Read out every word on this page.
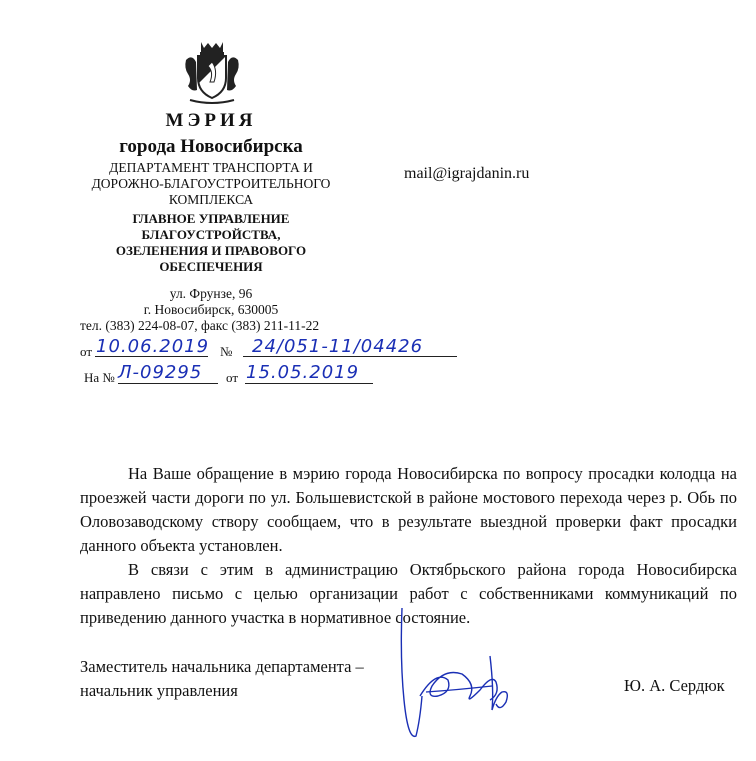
МЭРИЯ
города Новосибирска
ДЕПАРТАМЕНТ ТРАНСПОРТА И
ДОРОЖНО-БЛАГОУСТРОИТЕЛЬНОГО
КОМПЛЕКСА
ГЛАВНОЕ УПРАВЛЕНИЕ
БЛАГОУСТРОЙСТВА,
ОЗЕЛЕНЕНИЯ И ПРАВОВОГО
ОБЕСПЕЧЕНИЯ
ул. Фрунзе, 96
г. Новосибирск, 630005
тел. (383) 224-08-07, факс (383) 211-11-22
mail@igrajdanin.ru
от 10.06.2019 № 24/051-11/04426
На № Л-09295 от 15.05.2019

На Ваше обращение в мэрию города Новосибирска по вопросу просадки колодца на проезжей части дороги по ул. Большевистской в районе мостового перехода через р. Обь по Оловозаводскому створу сообщаем, что в результате выездной проверки факт просадки данного объекта установлен.

В связи с этим в администрацию Октябрьского района города Новосибирска направлено письмо с целью организации работ с собственниками коммуникаций по приведению данного участка в нормативное состояние.

Заместитель начальника департамента –
начальник управления	Ю. А. Сердюк
